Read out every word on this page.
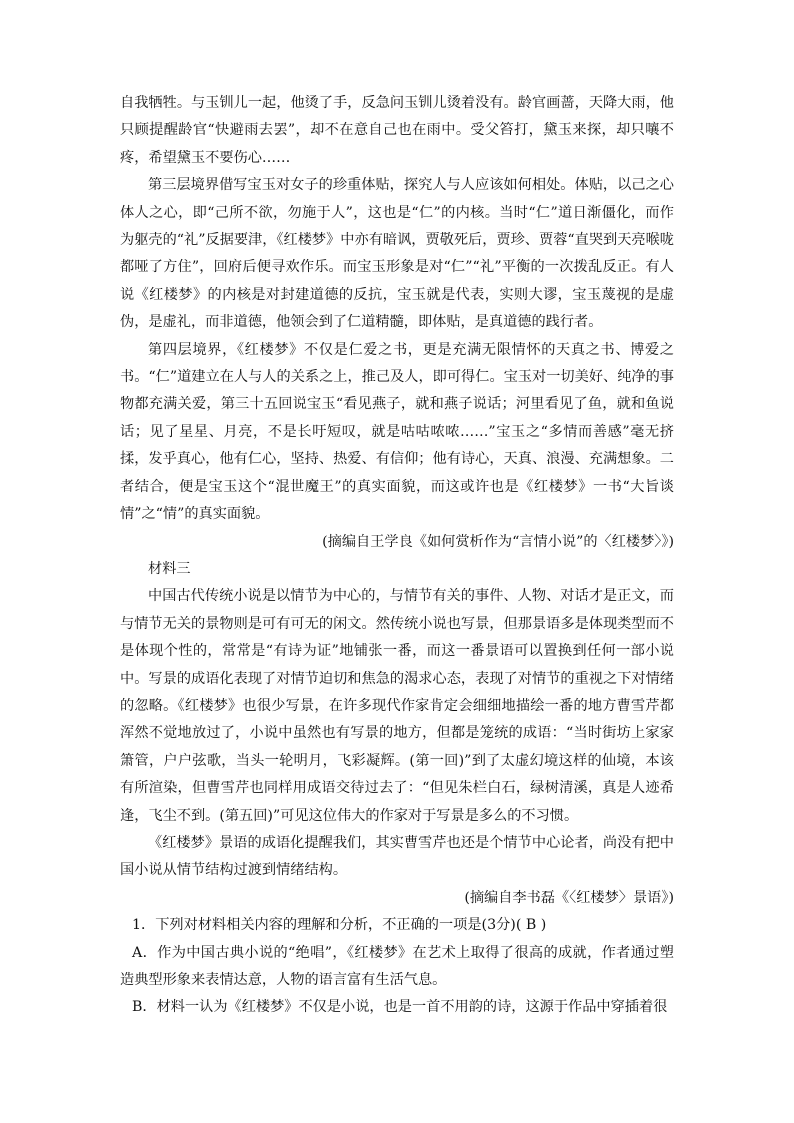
自我牺牲。与玉钏儿一起，他烫了手，反急问玉钏儿烫着没有。龄官画蔷，天降大雨，他只顾提醒龄官“快避雨去罢”，却不在意自己也在雨中。受父笞打，黛玉来探，却只嚷不疼，希望黛玉不要伤心……

第三层境界借写宝玉对女子的珍重体贴，探究人与人应该如何相处。体贴，以己之心体人之心，即“己所不欲，勿施于人”，这也是“仁”的内核。当时“仁”道日渐僵化，而作为躯壳的“礼”反据要津，《红楼梦》中亦有暗讽，贾敬死后，贾珍、贾蓉“直哭到天亮喉咙都哑了方住”，回府后便寻欢作乐。而宝玉形象是对“仁”“礼”平衡的一次拨乱反正。有人说《红楼梦》的内核是对封建道德的反抗，宝玉就是代表，实则大谬，宝玉蔑视的是虚伪，是虚礼，而非道德，他领会到了仁道精髓，即体贴，是真道德的践行者。

第四层境界，《红楼梦》不仅是仁爱之书，更是充满无限情怀的天真之书、博爱之书。“仁”道建立在人与人的关系之上，推己及人，即可得仁。宝玉对一切美好、纯净的事物都充满关爱，第三十五回说宝玉“看见燕子，就和燕子说话；河里看见了鱼，就和鱼说话；见了星星、月亮，不是长吁短叹，就是咕咕哝哝……”宝玉之“多情而善感”毫无挤揉，发乎真心，他有仁心，坚持、热爱、有信仰；他有诗心，天真、浪漫、充满想象。二者结合，便是宝玉这个“混世魔王”的真实面貌，而这或许也是《红楼梦》一书“大旨谈情”之“情”的真实面貌。

(摘编自王学良《如何赏析作为“言情小说”的〈红楼梦〉》)

材料三

中国古代传统小说是以情节为中心的，与情节有关的事件、人物、对话才是正文，而与情节无关的景物则是可有可无的闲文。然传统小说也写景，但那景语多是体现类型而不是体现个性的，常常是“有诗为证”地铺张一番，而这一番景语可以置换到任何一部小说中。写景的成语化表现了对情节迫切和焦急的渴求心态，表现了对情节的重视之下对情绪的忽略。《红楼梦》也很少写景，在许多现代作家肯定会细细地描绘一番的地方曹雪芹都浑然不觉地放过了，小说中虽然也有写景的地方，但都是笼统的成语：“当时街坊上家家箫管，户户弦歌，当头一轮明月，飞彩凝辉。(第一回)”到了太虚幻境这样的仙境，本该有所渲染，但曹雪芹也同样用成语交待过去了：“但见朱栏白石，绿树清溪，真是人迹希逢，飞尘不到。(第五回)”可见这位伟大的作家对于写景是多么的不习惯。

《红楼梦》景语的成语化提醒我们，其实曹雪芹也还是个情节中心论者，尚没有把中国小说从情节结构过渡到情绪结构。

(摘编自李书磊《〈红楼梦〉景语》)

1．下列对材料相关内容的理解和分析，不正确的一项是(3分)( B )

A．作为中国古典小说的“绝唱”，《红楼梦》在艺术上取得了很高的成就，作者通过塑造典型形象来表情达意，人物的语言富有生活气息。

B．材料一认为《红楼梦》不仅是小说，也是一首不用韵的诗，这源于作品中穿插着很
